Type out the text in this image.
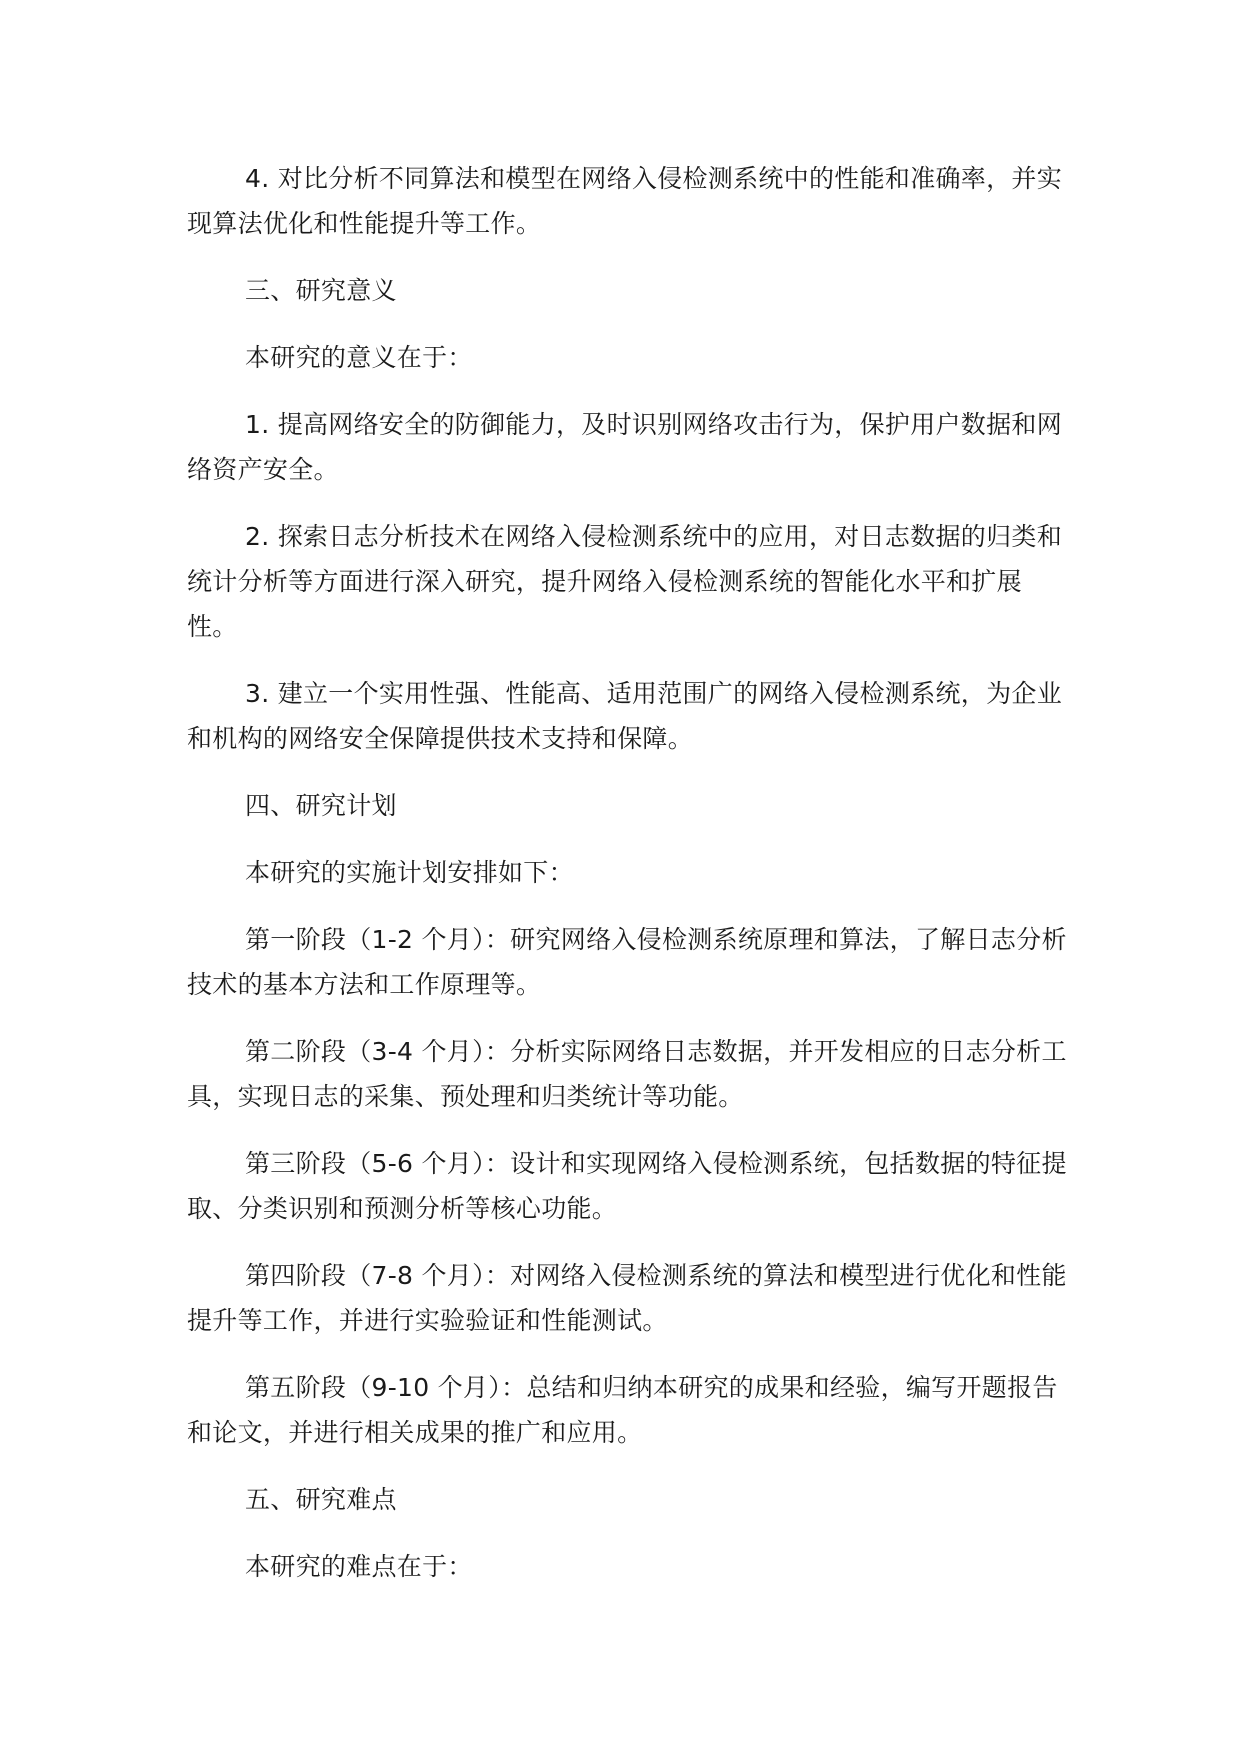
4. 对比分析不同算法和模型在网络入侵检测系统中的性能和准确率，并实现算法优化和性能提升等工作。

三、研究意义

本研究的意义在于：

1. 提高网络安全的防御能力，及时识别网络攻击行为，保护用户数据和网络资产安全。

2. 探索日志分析技术在网络入侵检测系统中的应用，对日志数据的归类和统计分析等方面进行深入研究，提升网络入侵检测系统的智能化水平和扩展性。

3. 建立一个实用性强、性能高、适用范围广的网络入侵检测系统，为企业和机构的网络安全保障提供技术支持和保障。

四、研究计划

本研究的实施计划安排如下：

第一阶段（1-2 个月）：研究网络入侵检测系统原理和算法，了解日志分析技术的基本方法和工作原理等。

第二阶段（3-4 个月）：分析实际网络日志数据，并开发相应的日志分析工具，实现日志的采集、预处理和归类统计等功能。

第三阶段（5-6 个月）：设计和实现网络入侵检测系统，包括数据的特征提取、分类识别和预测分析等核心功能。

第四阶段（7-8 个月）：对网络入侵检测系统的算法和模型进行优化和性能提升等工作，并进行实验验证和性能测试。

第五阶段（9-10 个月）：总结和归纳本研究的成果和经验，编写开题报告和论文，并进行相关成果的推广和应用。

五、研究难点

本研究的难点在于：
